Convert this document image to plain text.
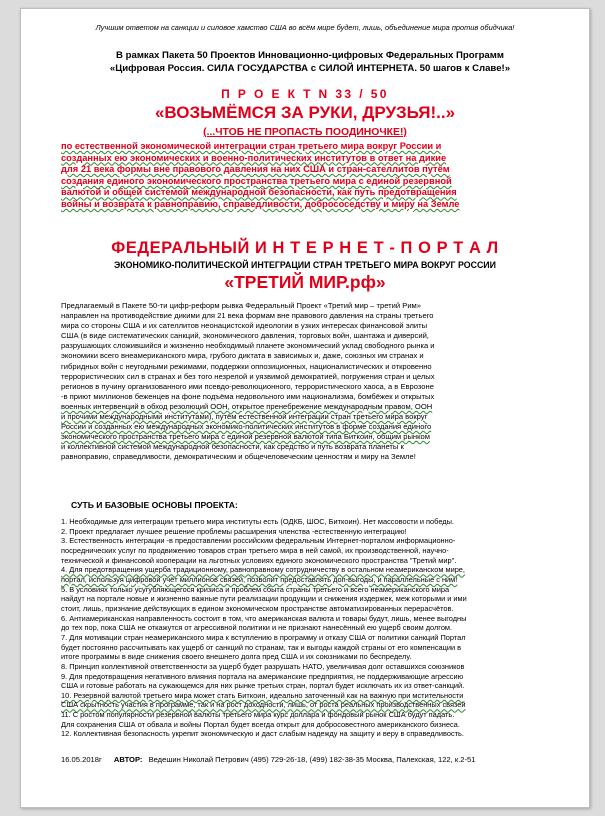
Лучшим ответом на санкции и силовое хамство США во всём мире будет, лишь, объединение мира против обидчика!
В рамках Пакета 50 Проектов Инновационно-цифровых Федеральных Программ
«Цифровая Россия. СИЛА ГОСУДАРСТВА с СИЛОЙ ИНТЕРНЕТА. 50 шагов к Славе!»
П Р О Е К Т N 33 / 50
«ВОЗЬМЁМСЯ ЗА РУКИ, ДРУЗЬЯ!..»
(...ЧТОБ НЕ ПРОПАСТЬ ПООДИНОЧКЕ!)

по естественной экономической интеграции стран третьего мира вокруг России и

созданных ею экономических и военно-политических институтов в ответ на дикие

для 21 века формы вне правового давления на них США и стран-сателлитов путём

создания единого экономического пространства третьего мира с единой резервной

валютой и общей системой международной безопасности, как путь предотвращения

войны и возврата к равноправию, справедливости, добрососедству и миру на Земле

ФЕДЕРАЛЬНЫЙ И Н Т Е Р Н Е Т - П О Р Т А Л
ЭКОНОМИКО-ПОЛИТИЧЕСКОЙ ИНТЕГРАЦИИ СТРАН ТРЕТЬЕГО МИРА ВОКРУГ РОССИИ
«ТРЕТИЙ МИР.рф»

Предлагаемый в Пакете 50-ти цифр-реформ рывка Федеральный Проект «Третий мир – третий Рим»

направлен на противодействие дикими для 21 века формам вне правового давления на страны третьего

мира со стороны США и их сателлитов неонацистской идеологии в узких интересах финансовой элиты

США (в виде систематических санкций, экономического давления, торговых войн, шантажа и диверсий,

разрушающих сложившийся и жизненно необходимый планете экономический уклад свободного рынка и

экономики всего внеамериканского мира, грубого диктата в зависимых и, даже, союзных им странах и

гибридных войн с неугодными режимами, поддержки оппозиционных, националистических и откровенно

террористических сил в странах и без того незрелой и уязвимой демократией, погружения стран и целых

регионов в пучину организованного ими псевдо-революционного, террористического хаоса, а в Еврозоне

-в приют миллионов беженцев на фоне подъёма недовольного ими национализма, бомбёжек и открытых

военных интервенций в обход резолюций ООН, открытое пренебрежение международным правом, ООН

и прочими международными институтами), путём естественной интеграции стран третьего мира вокруг

России и созданных ею международных экономико-политических институтов в форме создания единого

экономического пространства третьего мира с единой резервной валютой типа Биткоин, общим рынком

и коллективной системой международной безопасности, как средство и путь возврата планеты к

равноправию, справедливости, демократическим и общечеловеческим ценностям и миру на Земле!

СУТЬ И БАЗОВЫЕ ОСНОВЫ ПРОЕКТА:

1. Необходимые для интеграции третьего мира институты есть (ОДКБ, ШОС, Биткоин). Нет массовости и победы.

2. Проект предлагает лучшее решение проблемы расширения членства -естественную интеграцию!

3. Естественность интеграции -в предоставлении российским федеральным Интернет-порталом информационно-

посреднических услуг по продвижению товаров стран третьего мира в ней самой, их производственной, научно-

технической и финансовой кооперации на льготных условиях единого экономического пространства "Третий мир".

4. Для предотвращения ущерба традиционному, равноправному сотрудничеству в остальном неамериканском мире,

портал, используя цифровой учёт миллионов связей, позволит предоставлять доп-выгоды, и параллельные с ним!

5. В условиях только усугубляющегося кризиса и проблем сбыта страны третьего и всего неамериканского мира

найдут на портале новые и жизненно важные пути реализации продукции и снижения издержек, меж которыми и ими

стоит, лишь, признание действующих в едином экономическом пространстве автоматизированных перерасчётов.

6. Антиамериканская направленность состоит в том, что американская валюта и товары будут, лишь, менее выгодны

до тех пор, пока США не откажутся от агрессивной политики и не признают нанесённый ею ущерб своим долгом.

7. Для мотивации стран неамериканского мира к вступлению в программу и отказу США от политики санкций Портал

будет постоянно рассчитывать как ущерб от санкций по странам, так и выгоды каждой страны от его компенсации в

итоге программы в виде снижения своего внешнего долга пред США и их союзниками по беспределу.

8. Принцип коллективной ответственности за ущерб будет разрушать НАТО, увеличивая долг оставшихся союзников

9. Для предотвращения негативного влияния портала на американские предприятия, не поддерживающие агрессию

США и готовые работать на сужающемся для них рынке третьих стран, портал будет исключать их из ответ-санкций.

10. Резервной валютой третьего мира может стать Биткоин, идеально заточенный как на важную при мстительности

США скрытность участия в программе, так и на рост доходности, лишь, от роста реальных производственных связей

11. С ростом популярности резервной валюты третьего мира курс доллара и фондовый рынок США будут падать.

Для сохранения США от обвала и войны Портал будет всегда открыт для добросовестного американского бизнеса.

12. Коллективная безопасность укрепит экономическую и даст слабым надежду на защиту и веру в справедливость.

16.05.2018г АВТОР: Ведешин Николай Петрович (495) 729-26-18, (499) 182-38-35 Москва, Палехская, 122, к.2-51
